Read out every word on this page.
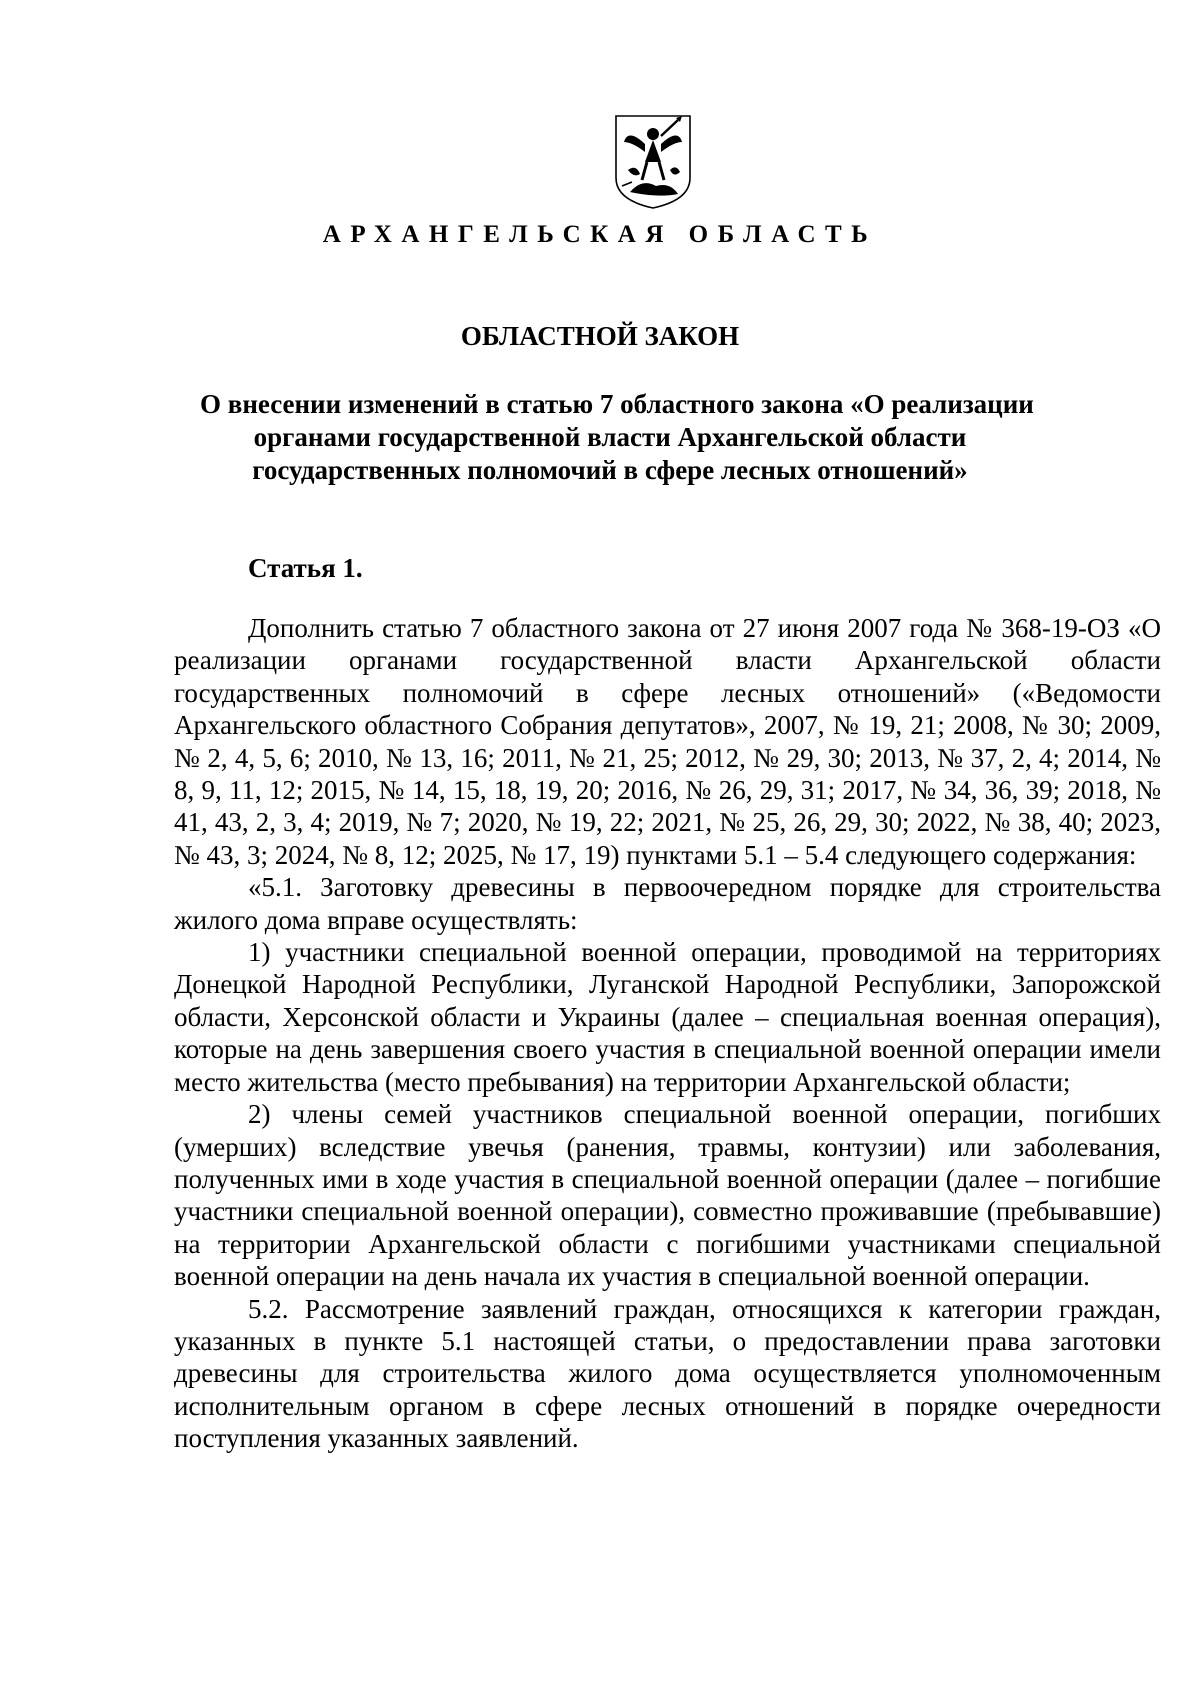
АРХАНГЕЛЬСКАЯ ОБЛАСТЬ
ОБЛАСТНОЙ ЗАКОН
О внесении изменений в статью 7 областного закона «О реализации
органами государственной власти Архангельской области
государственных полномочий в сфере лесных отношений»
Статья 1.

Дополнить статью 7 областного закона от 27 июня 2007 года № 368-19-ОЗ «О реализации органами государственной власти Архангельской области государственных полномочий в сфере лесных отношений» («Ведомости Архангельского областного Собрания депутатов», 2007, № 19, 21; 2008, № 30; 2009, № 2, 4, 5, 6; 2010, № 13, 16; 2011, № 21, 25; 2012, № 29, 30; 2013, № 37, 2, 4; 2014, № 8, 9, 11, 12; 2015, № 14, 15, 18, 19, 20; 2016, № 26, 29, 31; 2017, № 34, 36, 39; 2018, № 41, 43, 2, 3, 4; 2019, № 7; 2020, № 19, 22; 2021, № 25, 26, 29, 30; 2022, № 38, 40; 2023, № 43, 3; 2024, № 8, 12; 2025, № 17, 19) пунктами 5.1 – 5.4 следующего содержания:

«5.1. Заготовку древесины в первоочередном порядке для строительства жилого дома вправе осуществлять:

1) участники специальной военной операции, проводимой на территориях Донецкой Народной Республики, Луганской Народной Республики, Запорожской области, Херсонской области и Украины (далее – специальная военная операция), которые на день завершения своего участия в специальной военной операции имели место жительства (место пребывания) на территории Архангельской области;

2) члены семей участников специальной военной операции, погибших (умерших) вследствие увечья (ранения, травмы, контузии) или заболевания, полученных ими в ходе участия в специальной военной операции (далее – погибшие участники специальной военной операции), совместно проживавшие (пребывавшие) на территории Архангельской области с погибшими участниками специальной военной операции на день начала их участия в специальной военной операции.

5.2. Рассмотрение заявлений граждан, относящихся к категории граждан, указанных в пункте 5.1 настоящей статьи, о предоставлении права заготовки древесины для строительства жилого дома осуществляется уполномоченным исполнительным органом в сфере лесных отношений в порядке очередности поступления указанных заявлений.
